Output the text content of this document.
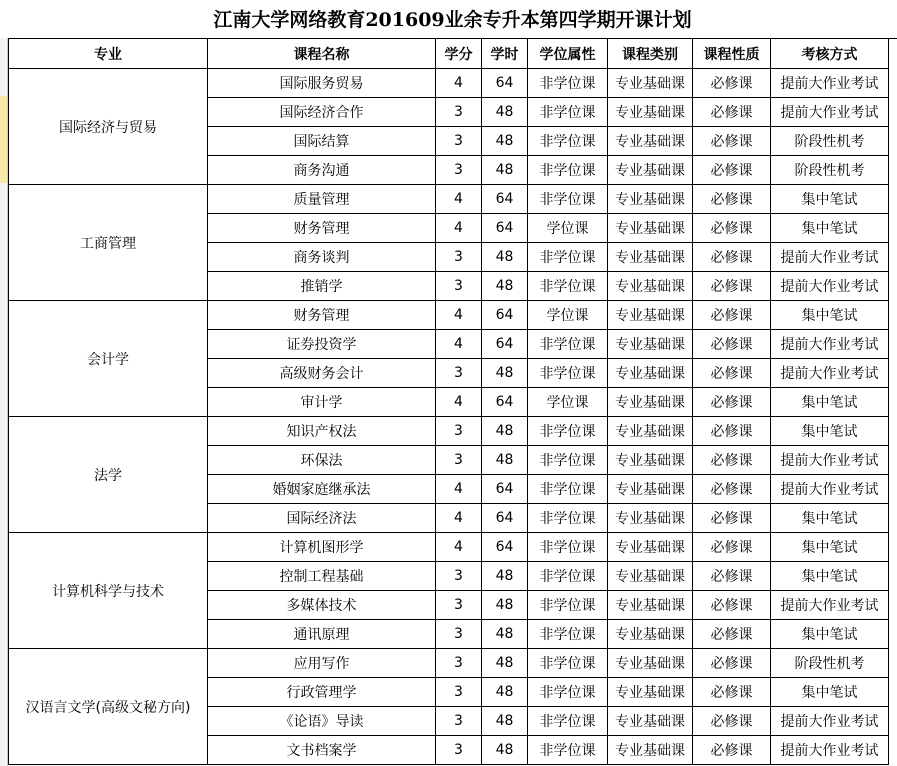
江南大学网络教育201609业余专升本第四学期开课计划
专业	课程名称	学分	学时	学位属性	课程类别	课程性质	考核方式
国际经济与贸易	国际服务贸易	4	64	非学位课	专业基础课	必修课	提前大作业考试
	国际经济合作	3	48	非学位课	专业基础课	必修课	提前大作业考试
	国际结算	3	48	非学位课	专业基础课	必修课	阶段性机考
	商务沟通	3	48	非学位课	专业基础课	必修课	阶段性机考
工商管理	质量管理	4	64	非学位课	专业基础课	必修课	集中笔试
	财务管理	4	64	学位课	专业基础课	必修课	集中笔试
	商务谈判	3	48	非学位课	专业基础课	必修课	提前大作业考试
	推销学	3	48	非学位课	专业基础课	必修课	提前大作业考试
会计学	财务管理	4	64	学位课	专业基础课	必修课	集中笔试
	证券投资学	4	64	非学位课	专业基础课	必修课	提前大作业考试
	高级财务会计	3	48	非学位课	专业基础课	必修课	提前大作业考试
	审计学	4	64	学位课	专业基础课	必修课	集中笔试
法学	知识产权法	3	48	非学位课	专业基础课	必修课	集中笔试
	环保法	3	48	非学位课	专业基础课	必修课	提前大作业考试
	婚姻家庭继承法	4	64	非学位课	专业基础课	必修课	提前大作业考试
	国际经济法	4	64	非学位课	专业基础课	必修课	集中笔试
计算机科学与技术	计算机图形学	4	64	非学位课	专业基础课	必修课	集中笔试
	控制工程基础	3	48	非学位课	专业基础课	必修课	集中笔试
	多媒体技术	3	48	非学位课	专业基础课	必修课	提前大作业考试
	通讯原理	3	48	非学位课	专业基础课	必修课	集中笔试
汉语言文学(高级文秘方向)	应用写作	3	48	非学位课	专业基础课	必修课	阶段性机考
	行政管理学	3	48	非学位课	专业基础课	必修课	集中笔试
	《论语》导读	3	48	非学位课	专业基础课	必修课	提前大作业考试
	文书档案学	3	48	非学位课	专业基础课	必修课	提前大作业考试
